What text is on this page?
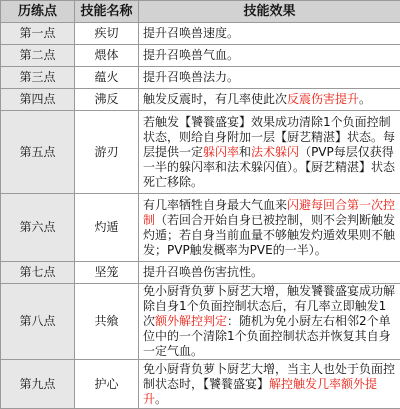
历练点	技能名称	技能效果
第一点	疾切	提升召唤兽速度。
第二点	煨体	提升召唤兽气血。
第三点	蕴火	提升召唤兽法力。
第四点	沸反	触发反震时，有几率使此次反震伤害提升。
第五点	游刃	若触发【饕餮盛宴】效果成功清除1个负面控制状态，则给自身附加一层【厨艺精湛】状态。每层提供一定躲闪率和法术躲闪（PVP每层仅获得一半的躲闪率和法术躲闪值）。【厨艺精湛】状态死亡移除。
第六点	灼遁	有几率牺牲自身最大气血来闪避每回合第一次控制（若回合开始自身已被控制，则不会判断触发灼遁；若自身当前血量不够触发灼遁效果则不触发；PVP触发概率为PVE的一半）。
第七点	坚笼	提升召唤兽伤害抗性。
第八点	共飨	免小厨背负萝卜厨艺大增，触发饕餮盛宴成功解除自身1个负面控制状态后，有几率立即触发1次额外解控判定：随机为免小厨左右相邻2个单位中的一个清除1个负面控制状态并恢复其自身一定气血。
第九点	护心	免小厨背负萝卜厨艺大增，当主人也处于负面控制状态时，【饕餮盛宴】解控触发几率额外提升。
